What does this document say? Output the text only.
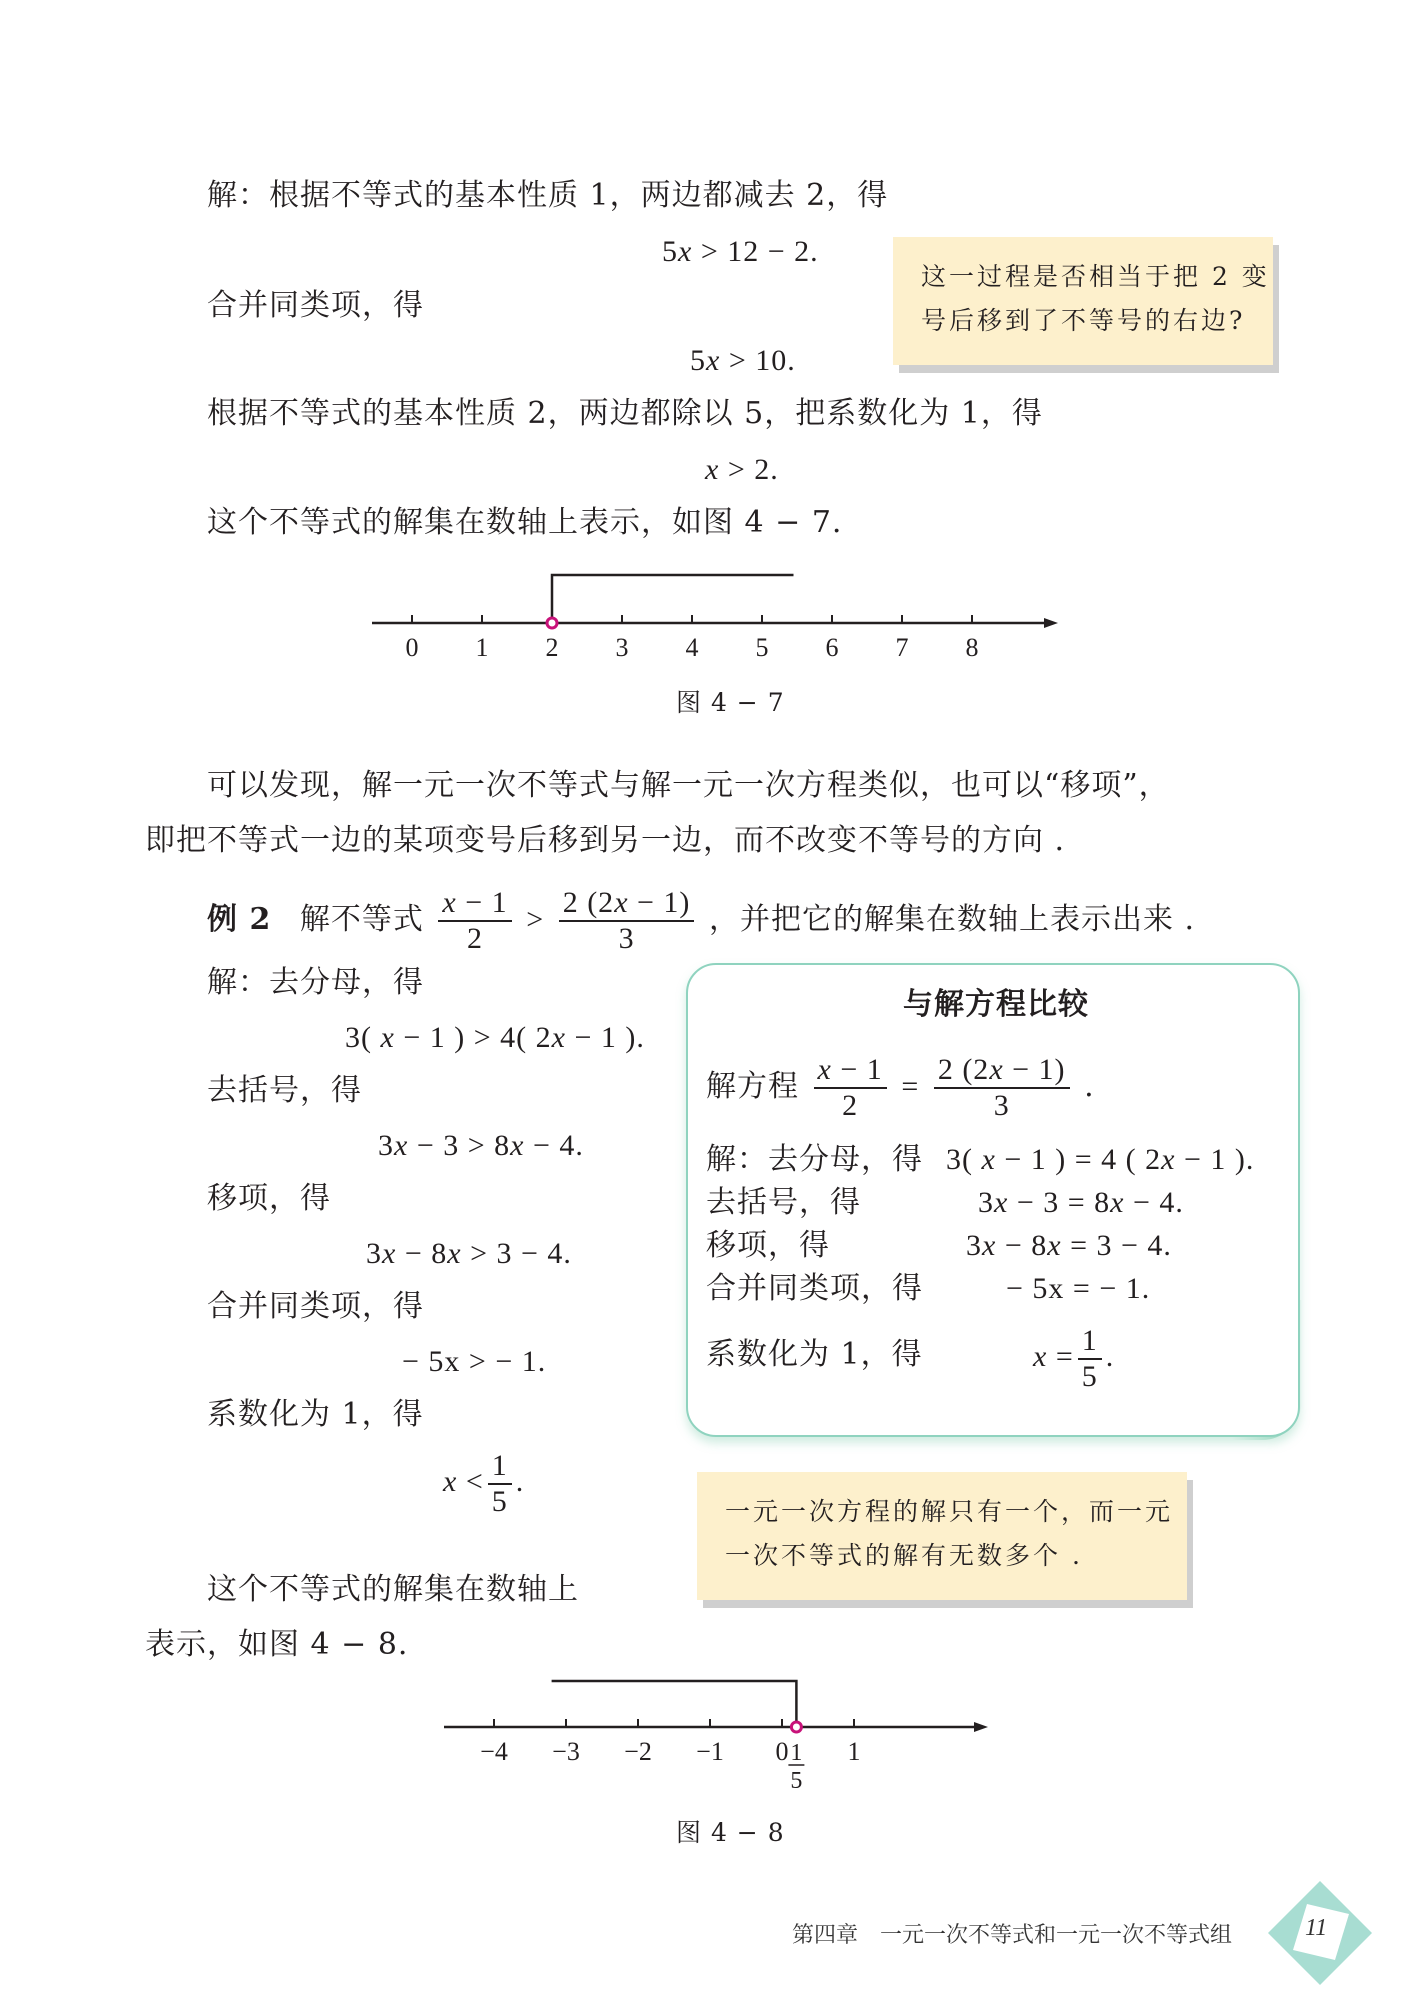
解：根据不等式的基本性质 1，两边都减去 2，得
5x > 12 − 2.
合并同类项，得
5x > 10.
根据不等式的基本性质 2，两边都除以 5，把系数化为 1，得
x > 2.
这个不等式的解集在数轴上表示，如图 4 − 7.
这一过程是否相当于把 2 变
号后移到了不等号的右边?
0 1 2 3 4 5 6 7 8
图 4 − 7
可以发现，解一元一次不等式与解一元一次方程类似，也可以“移项”，
即把不等式一边的某项变号后移到另一边，而不改变不等号的方向 .
例 2 解不等式 $\frac{x - 1}{2} > \frac{2 (2x - 1)}{3}$ ，并把它的解集在数轴上表示出来 .
解：去分母，得
3( x − 1 ) > 4( 2x − 1 ).
去括号，得
3x − 3 > 8x − 4.
移项，得
3x − 8x > 3 − 4.
合并同类项，得
− 5x > − 1.
系数化为 1，得
$x < \frac{1}{5}$ .
这个不等式的解集在数轴上
表示，如图 4 − 8.
与解方程比较
解方程 $\frac{x - 1}{2} = \frac{2 (2x - 1)}{3}$ .
解：去分母，得 3( x − 1 ) = 4 ( 2x − 1 ).
去括号，得	3x − 3 = 8x − 4.
移项，得	3x − 8x = 3 − 4.
合并同类项，得	− 5x = − 1.
系数化为 1，得	$x = \frac{1}{5}$ .
一元一次方程的解只有一个，而一元
一次不等式的解有无数多个 .
−4 −3 −2 −1 0 1
1
5
图 4 − 8
第四章　一元一次不等式和一元一次不等式组	11
